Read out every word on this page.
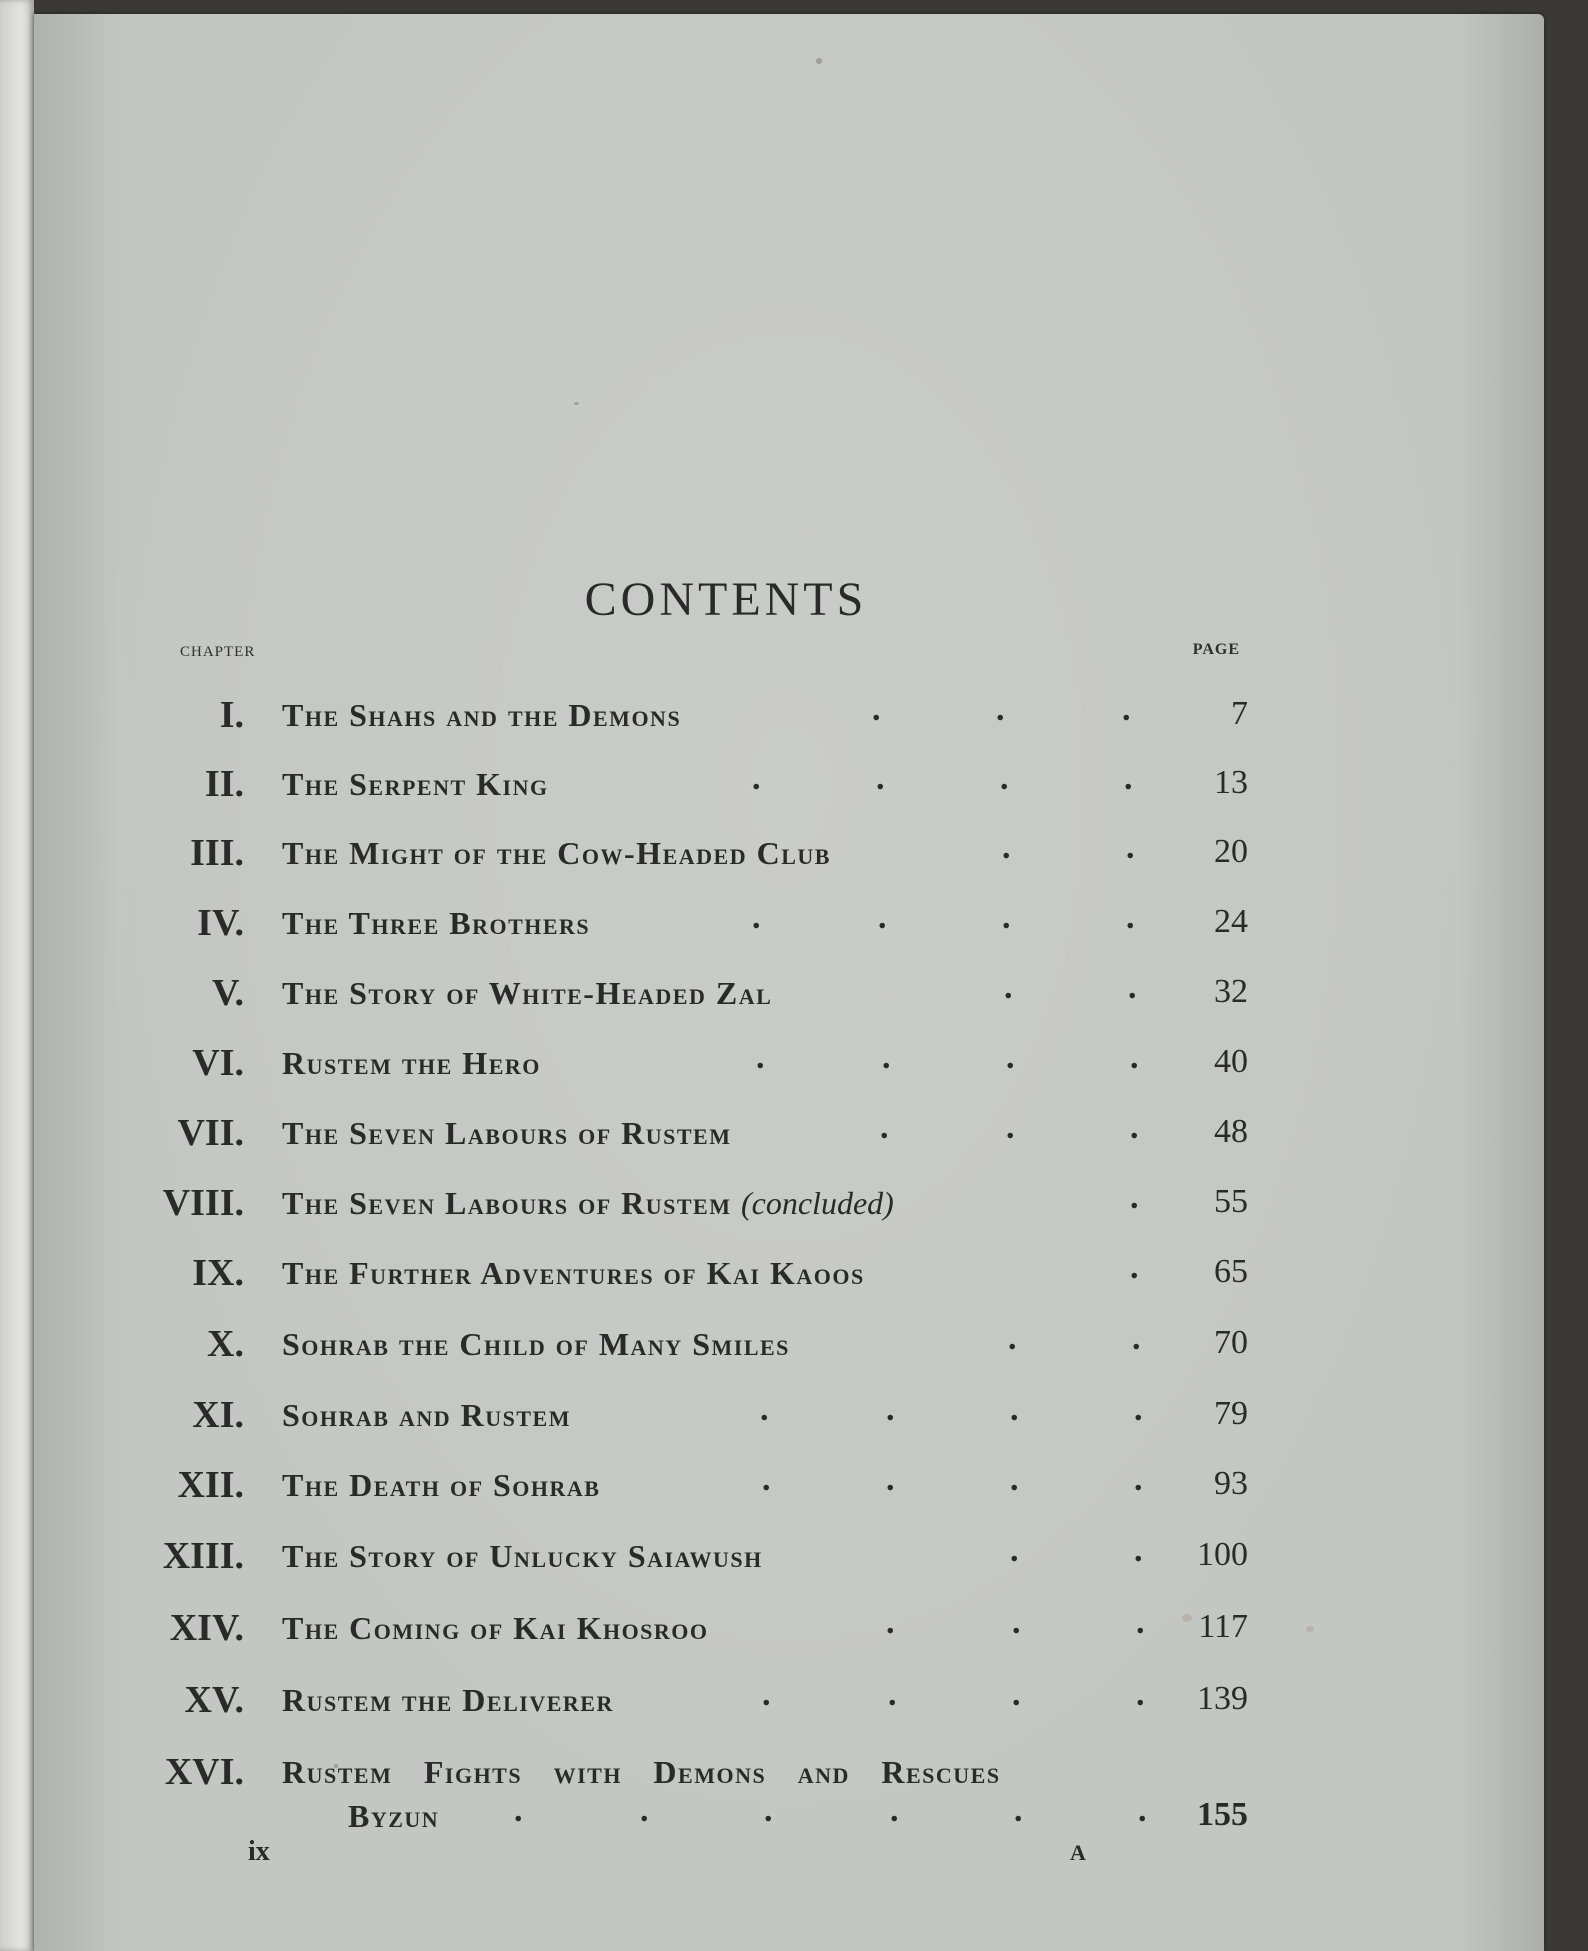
CONTENTS
CHAPTER	PAGE
I. The Shahs and the Demons	.	.	.	7
II. The Serpent King	.	.	.	.	13
III. The Might of the Cow-Headed Club	.	.	20
IV. The Three Brothers	.	.	.	.	24
V. The Story of White-Headed Zal	.	.	32
VI. Rustem the Hero	.	.	.	.	40
VII. The Seven Labours of Rustem	.	.	.	48
VIII. The Seven Labours of Rustem (concluded)	.	55
IX. The Further Adventures of Kai Kaoos	.	65
X. Sohrab the Child of Many Smiles	.	.	70
XI. Sohrab and Rustem	.	.	.	.	79
XII. The Death of Sohrab	.	.	.	.	93
XIII. The Story of Unlucky Saiawush	.	.	100
XIV. The Coming of Kai Khosroo	.	.	.	117
XV. Rustem the Deliverer	.	.	.	.	139
XVI. Rustem Fights with Demons and Rescues
Byzun .	.	.	.	.	.	155
ix	A
